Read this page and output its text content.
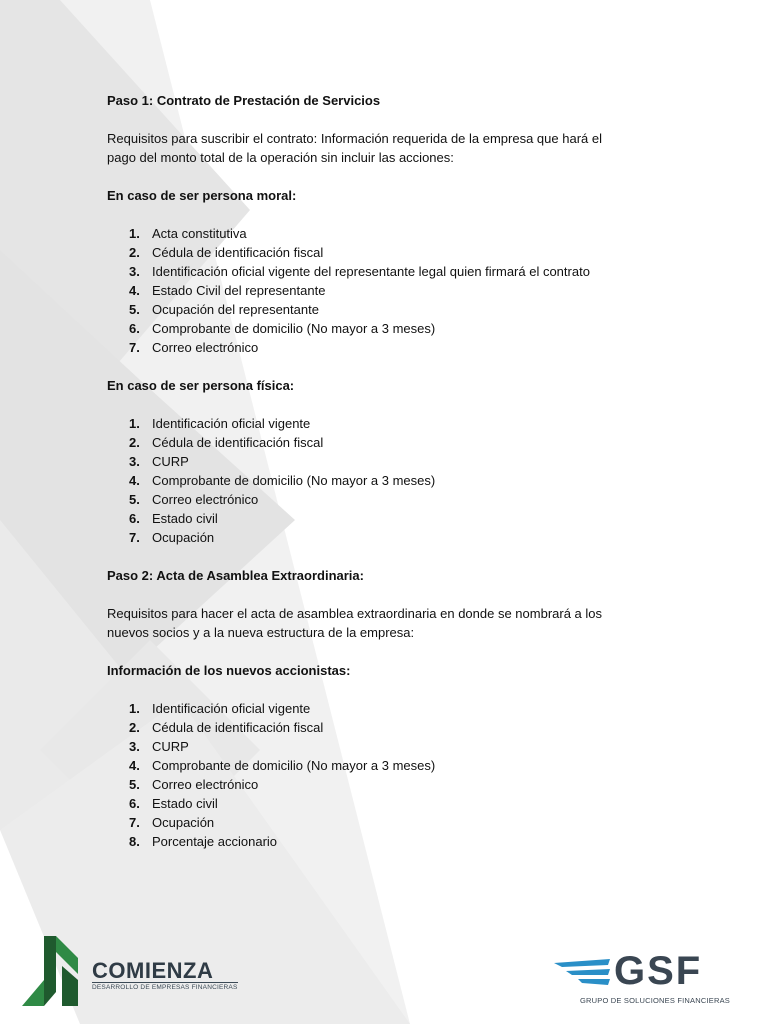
Paso 1: Contrato de Prestación de Servicios

Requisitos para suscribir el contrato: Información requerida de la empresa que hará el

pago del monto total de la operación sin incluir las acciones:

En caso de ser persona moral:

1. Acta constitutiva
2. Cédula de identificación fiscal
3. Identificación oficial vigente del representante legal quien firmará el contrato
4. Estado Civil del representante
5. Ocupación del representante
6. Comprobante de domicilio (No mayor a 3 meses)
7. Correo electrónico

En caso de ser persona física:

1. Identificación oficial vigente
2. Cédula de identificación fiscal
3. CURP
4. Comprobante de domicilio (No mayor a 3 meses)
5. Correo electrónico
6. Estado civil
7. Ocupación

Paso 2: Acta de Asamblea Extraordinaria:

Requisitos para hacer el acta de asamblea extraordinaria en donde se nombrará a los

nuevos socios y a la nueva estructura de la empresa:

Información de los nuevos accionistas:

1. Identificación oficial vigente
2. Cédula de identificación fiscal
3. CURP
4. Comprobante de domicilio (No mayor a 3 meses)
5. Correo electrónico
6. Estado civil
7. Ocupación
8. Porcentaje accionario
COMIENZA
DESARROLLO DE EMPRESAS FINANCIERAS	GSF
GRUPO DE SOLUCIONES FINANCIERAS
